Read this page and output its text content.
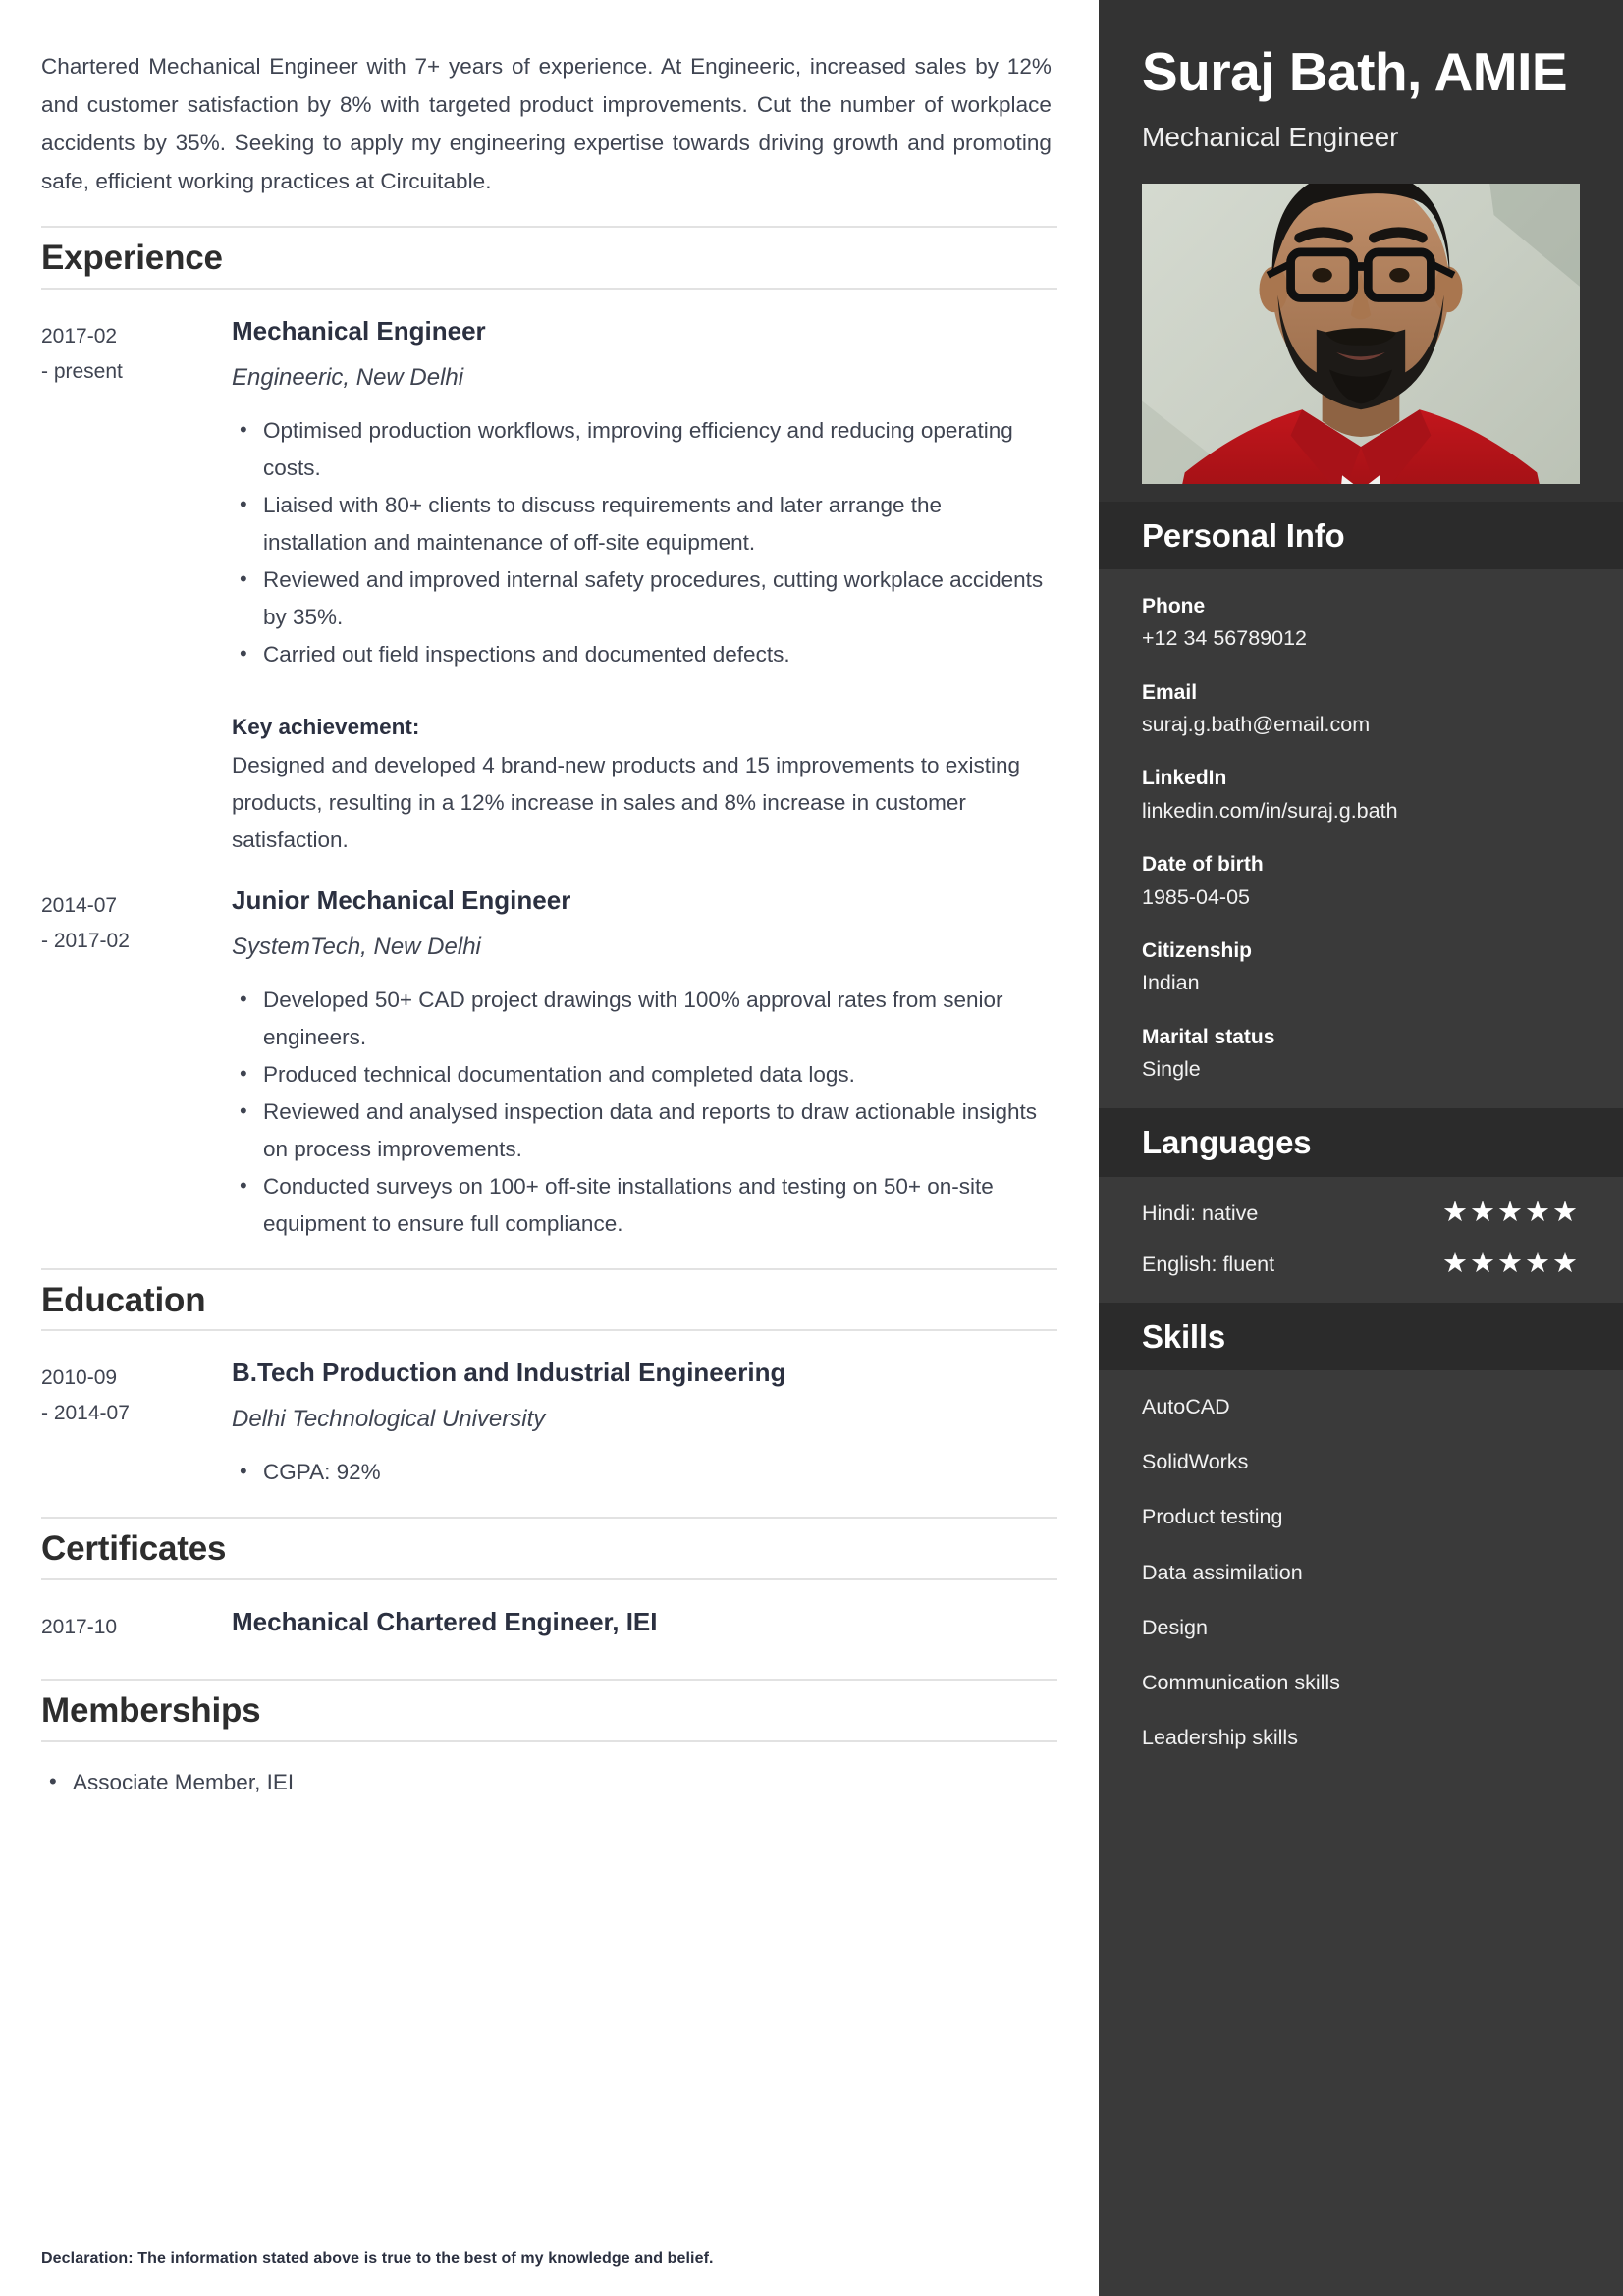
Chartered Mechanical Engineer with 7+ years of experience. At Engineeric, increased sales by 12% and customer satisfaction by 8% with targeted product improvements. Cut the number of workplace accidents by 35%. Seeking to apply my engineering expertise towards driving growth and promoting safe, efficient working practices at Circuitable.

Experience
2017-02
- present
Mechanical Engineer
Engineeric, New Delhi
• Optimised production workflows, improving efficiency and reducing operating costs.
• Liaised with 80+ clients to discuss requirements and later arrange the installation and maintenance of off-site equipment.
• Reviewed and improved internal safety procedures, cutting workplace accidents by 35%.
• Carried out field inspections and documented defects.
Key achievement:
Designed and developed 4 brand-new products and 15 improvements to existing products, resulting in a 12% increase in sales and 8% increase in customer satisfaction.
2014-07
- 2017-02
Junior Mechanical Engineer
SystemTech, New Delhi
• Developed 50+ CAD project drawings with 100% approval rates from senior engineers.
• Produced technical documentation and completed data logs.
• Reviewed and analysed inspection data and reports to draw actionable insights on process improvements.
• Conducted surveys on 100+ off-site installations and testing on 50+ on-site equipment to ensure full compliance.
Education
2010-09
- 2014-07
B.Tech Production and Industrial Engineering
Delhi Technological University
• CGPA: 92%
Certificates
2017-10	Mechanical Chartered Engineer, IEI
Memberships
• Associate Member, IEI
Declaration: The information stated above is true to the best of my knowledge and belief.
Suraj Bath, AMIE
Mechanical Engineer
Personal Info
Phone
+12 34 56789012
Email
suraj.g.bath@email.com
LinkedIn
linkedin.com/in/suraj.g.bath
Date of birth
1985-04-05
Citizenship
Indian
Marital status
Single
Languages
Hindi: native	★★★★★
English: fluent	★★★★★
Skills
AutoCAD
SolidWorks
Product testing
Data assimilation
Design
Communication skills
Leadership skills
